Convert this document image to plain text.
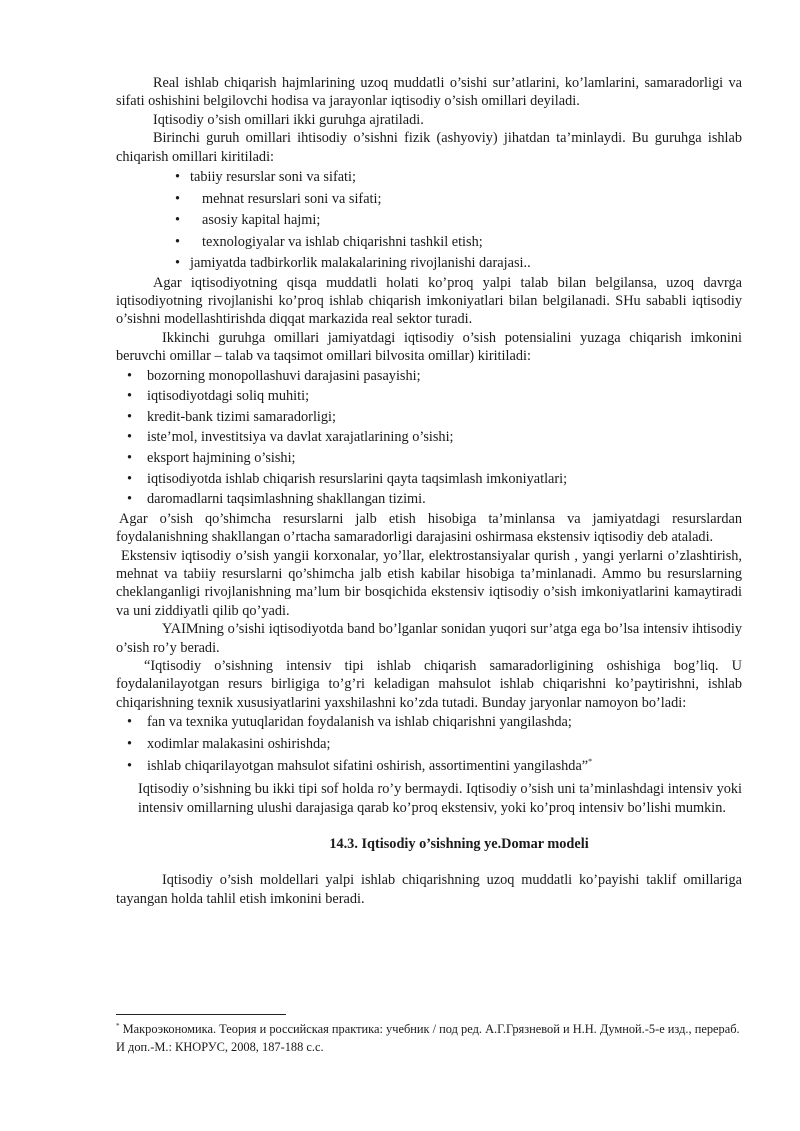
Real ishlab chiqarish hajmlarining uzoq muddatli o’sishi sur’atlarini, ko’lamlarini, samaradorligi va sifati oshishini belgilovchi hodisa va jarayonlar iqtisodiy o’sish omillari deyiladi.

Iqtisodiy o’sish omillari ikki guruhga ajratiladi.

Birinchi guruh omillari ihtisodiy o’sishni fizik (ashyoviy) jihatdan ta’minlaydi. Bu guruhga ishlab chiqarish omillari kiritiladi:

• tabiiy resurslar soni va sifati;
• mehnat resurslari soni va sifati;
• asosiy kapital hajmi;
• texnologiyalar va ishlab chiqarishni tashkil etish;
• jamiyatda tadbirkorlik malakalarining rivojlanishi darajasi..

Agar iqtisodiyotning qisqa muddatli holati ko’proq yalpi talab bilan belgilansa, uzoq davrga iqtisodiyotning rivojlanishi ko’proq ishlab chiqarish imkoniyatlari bilan belgilanadi. SHu sababli iqtisodiy o’sishni modellashtirishda diqqat markazida real sektor turadi.

Ikkinchi guruhga omillari jamiyatdagi iqtisodiy o’sish potensialini yuzaga chiqarish imkonini beruvchi omillar – talab va taqsimot omillari bilvosita omillar) kiritiladi:

• bozorning monopollashuvi darajasini pasayishi;
• iqtisodiyotdagi soliq muhiti;
• kredit-bank tizimi samaradorligi;
• iste’mol, investitsiya va davlat xarajatlarining o’sishi;
• eksport hajmining o’sishi;
• iqtisodiyotda ishlab chiqarish resurslarini qayta taqsimlash imkoniyatlari;
• daromadlarni taqsimlashning shakllangan tizimi.

Agar o’sish qo’shimcha resurslarni jalb etish hisobiga ta’minlansa va jamiyatdagi resurslardan foydalanishning shakllangan o’rtacha samaradorligi darajasini oshirmasa ekstensiv iqtisodiy deb ataladi.

Ekstensiv iqtisodiy o’sish yangii korxonalar, yo’llar, elektrostansiyalar qurish , yangi yerlarni o’zlashtirish, mehnat va tabiiy resurslarni qo’shimcha jalb etish kabilar hisobiga ta’minlanadi. Ammo bu resurslarning cheklanganligi rivojlanishning ma’lum bir bosqichida ekstensiv iqtisodiy o’sish imkoniyatlarini kamaytiradi va uni ziddiyatli qilib qo’yadi.

YAIMning o’sishi iqtisodiyotda band bo’lganlar sonidan yuqori sur’atga ega bo’lsa intensiv ihtisodiy o’sish ro’y beradi.

“Iqtisodiy o’sishning intensiv tipi ishlab chiqarish samaradorligining oshishiga bog’liq. U foydalanilayotgan resurs birligiga to’g’ri keladigan mahsulot ishlab chiqarishni ko’paytirishni, ishlab chiqarishning texnik xususiyatlarini yaxshilashni ko’zda tutadi. Bunday jaryonlar namoyon bo’ladi:

• fan va texnika yutuqlaridan foydalanish va ishlab chiqarishni yangilashda;
• xodimlar malakasini oshirishda;
• ishlab chiqarilayotgan mahsulot sifatini oshirish, assortimentini yangilashda”*

Iqtisodiy o’sishning bu ikki tipi sof holda ro’y bermaydi. Iqtisodiy o’sish uni ta’minlashdagi intensiv yoki intensiv omillarning ulushi darajasiga qarab ko’proq ekstensiv, yoki ko’proq intensiv bo’lishi mumkin.

14.3. Iqtisodiy o’sishning ye.Domar modeli

Iqtisodiy o’sish moldellari yalpi ishlab chiqarishning uzoq muddatli ko’payishi taklif omillariga tayangan holda tahlil etish imkonini beradi.

* Макроэкономика. Теория и российская практика: учебник / под ред. А.Г.Грязневой и Н.Н. Думной.-5-е изд., перераб. И доп.-М.: КНОРУС, 2008, 187-188 с.с.
